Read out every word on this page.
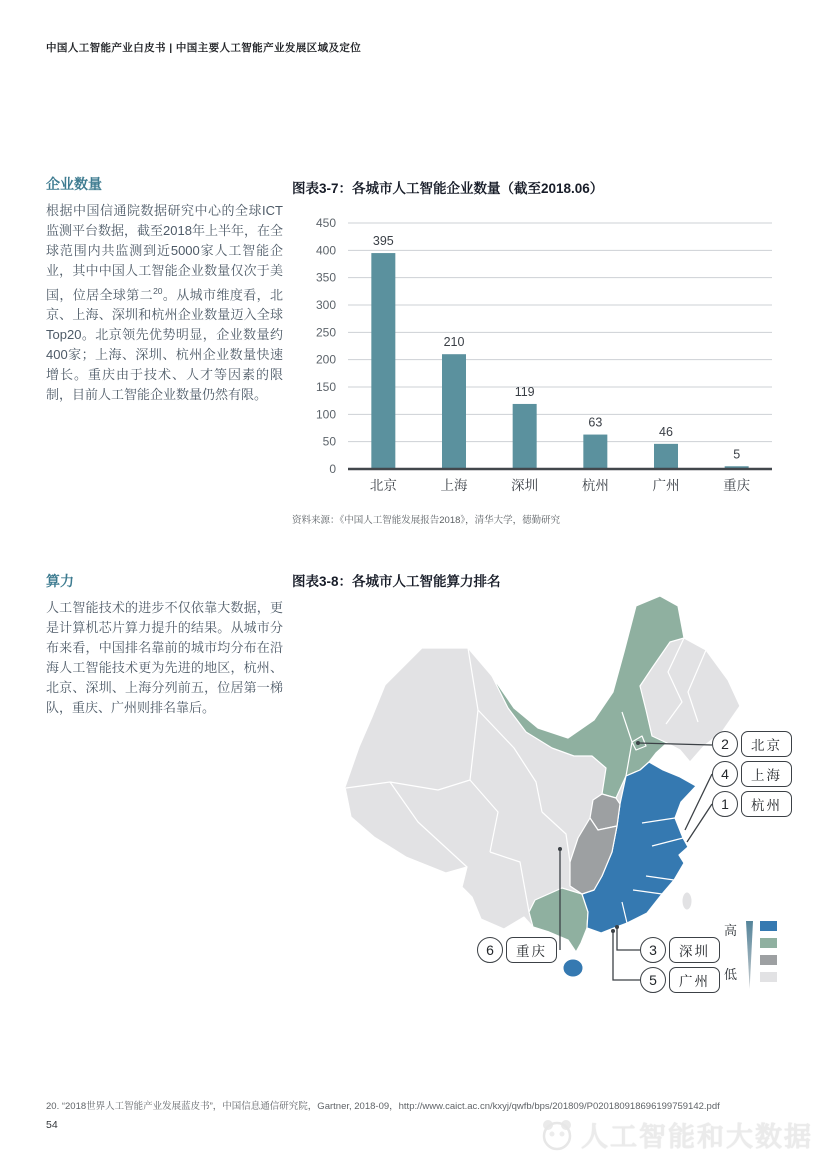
中国人工智能产业白皮书 | 中国主要人工智能产业发展区域及定位
企业数量

根据中国信通院数据研究中心的全球ICT监测平台数据，截至2018年上半年，在全球范围内共监测到近5000家人工智能企业，其中中国人工智能企业数量仅次于美国，位居全球第二$^{20}$。从城市维度看，北京、上海、深圳和杭州企业数量迈入全球Top20。北京领先优势明显，企业数量约400家；上海、深圳、杭州企业数量快速增长。重庆由于技术、人才等因素的限制，目前人工智能企业数量仍然有限。

算力

人工智能技术的进步不仅依靠大数据，更是计算机芯片算力提升的结果。从城市分布来看，中国排名靠前的城市均分布在沿海人工智能技术更为先进的地区，杭州、北京、深圳、上海分列前五，位居第一梯队，重庆、广州则排名靠后。

图表3-7：各城市人工智能企业数量（截至2018.06）
50
100
150
200
250
300
350
400
450
0
395
北京
210
上海
119
深圳
63
杭州
46
广州
5
重庆
资料来源：《中国人工智能发展报告2018》，清华大学，德勤研究
图表3-8：各城市人工智能算力排名
2	北京
4	上海
1	杭州
6	重庆	3	深圳
5	广州
高
低
20. “2018世界人工智能产业发展蓝皮书”，中国信息通信研究院，Gartner, 2018-09，http://www.caict.ac.cn/kxyj/qwfb/bps/201809/P020180918696199759142.pdf
54	人工智能和大数据
